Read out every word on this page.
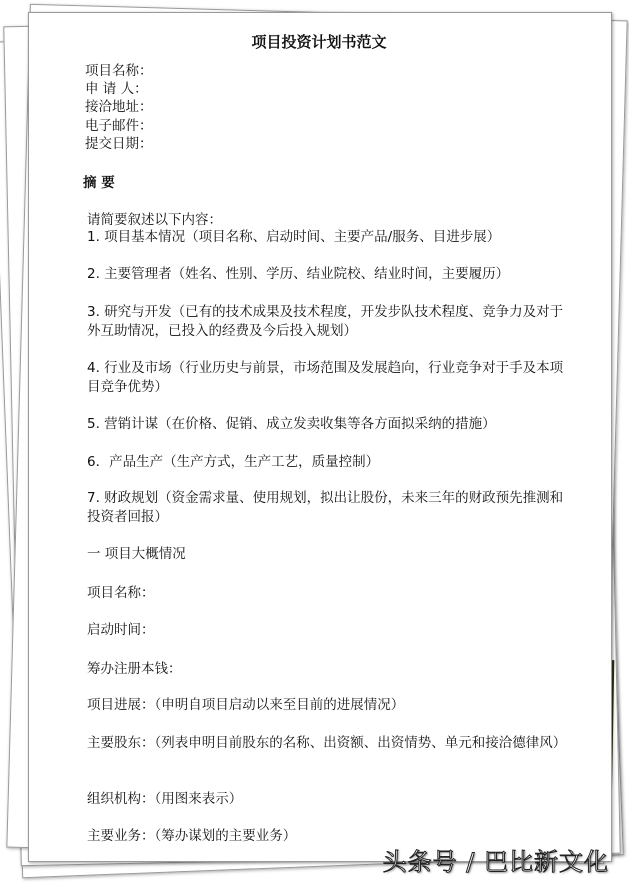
项目投资计划书范文
项目名称：
申 请 人：
接洽地址：
电子邮件：
提交日期：
摘 要
请简要叙述以下内容：
1. 项目基本情况（项目名称、启动时间、主要产品/服务、目进步展）
2. 主要管理者（姓名、性别、学历、结业院校、结业时间，主要履历）
3. 研究与开发（已有的技术成果及技术程度，开发步队技术程度、竞争力及对于外互助情况，已投入的经费及今后投入规划）
4. 行业及市场（行业历史与前景，市场范围及发展趋向，行业竞争对于手及本项目竞争优势）
5. 营销计谋（在价格、促销、成立发卖收集等各方面拟采纳的措施）
6．产品生产（生产方式，生产工艺，质量控制）
7. 财政规划（资金需求量、使用规划，拟出让股份，未来三年的财政预先推测和投资者回报）
一 项目大概情况
项目名称：
启动时间：
筹办注册本钱：
项目进展：（申明自项目启动以来至目前的进展情况）
主要股东：（列表申明目前股东的名称、出资额、出资情势、单元和接洽德律风）
组织机构：（用图来表示）
主要业务：（筹办谋划的主要业务）
头条号 / 巴比新文化
